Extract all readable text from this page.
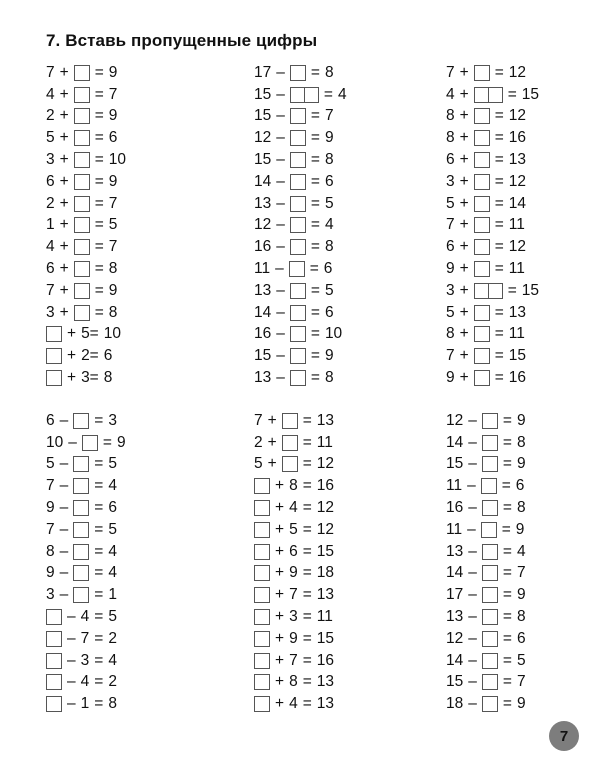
7. Вставь пропущенные цифры
7 + = 9
4 + = 7
2 + = 9
5 + = 6
3 + = 10
6 + = 9
2 + = 7
1 + = 5
4 + = 7
6 + = 8
7 + = 9
3 + = 8
+ 5= 10
+ 2= 6
+ 3= 8
6 – = 3
10 – = 9
5 – = 5
7 – = 4
9 – = 6
7 – = 5
8 – = 4
9 – = 4
3 – = 1
– 4 = 5
– 7 = 2
– 3 = 4
– 4 = 2
– 1 = 8
17 – = 8
15 –	= 4
15 – = 7
12 – = 9
15 – = 8
14 – = 6
13 – = 5
12 – = 4
16 – = 8
11 – = 6
13 – = 5
14 – = 6
16 – = 10
15 – = 9
13 – = 8
7 + = 13
2 + = 11
5 + = 12
+ 8 = 16
+ 4 = 12
+ 5 = 12
+ 6 = 15
+ 9 = 18
+ 7 = 13
+ 3 = 11
+ 9 = 15
+ 7 = 16
+ 8 = 13
+ 4 = 13
7 + = 12
4 +	= 15
8 + = 12
8 + = 16
6 + = 13
3 + = 12
5 + = 14
7 + = 11
6 + = 12
9 + = 11
3 +	= 15
5 + = 13
8 + = 11
7 + = 15
9 + = 16
12 – = 9
14 – = 8
15 – = 9
11 – = 6
16 – = 8
11 – = 9
13 – = 4
14 – = 7
17 – = 9
13 – = 8
12 – = 6
14 – = 5
15 – = 7
18 – = 9
7
